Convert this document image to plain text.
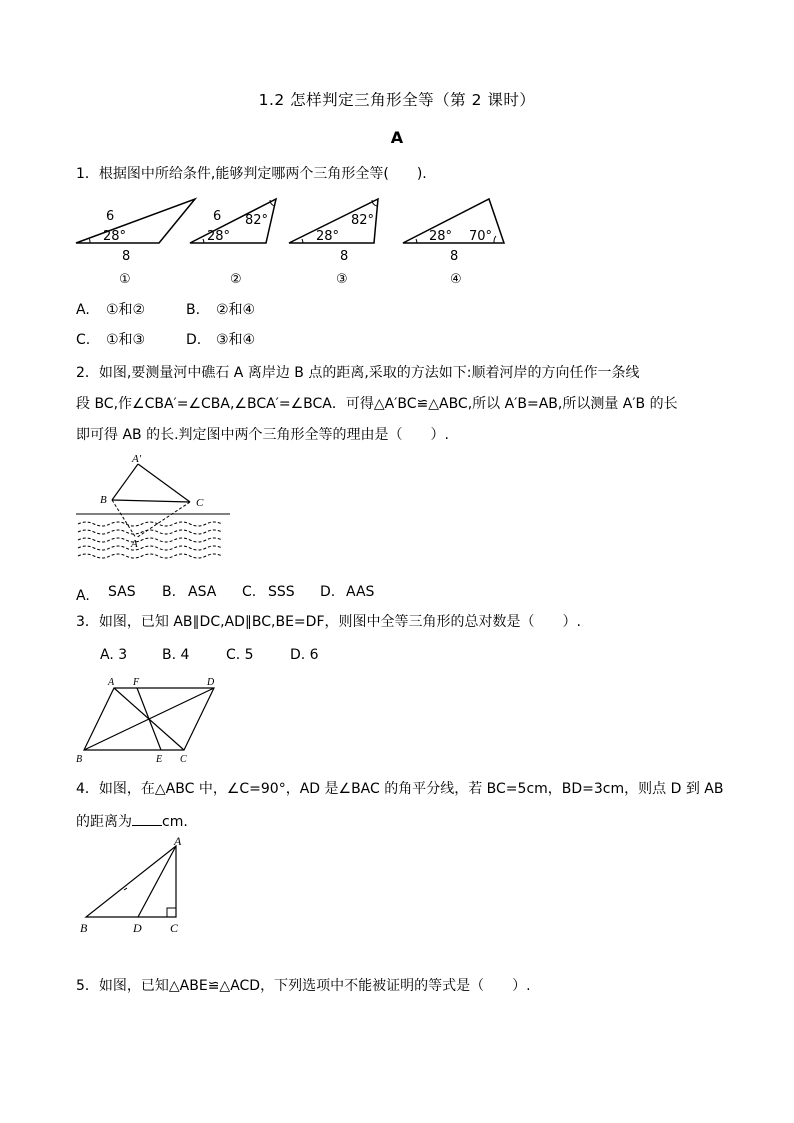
1.2 怎样判定三角形全等（第 2 课时）
A
1．根据图中所给条件,能够判定哪两个三角形全等(　　).
6
28°
8
①
6 82°
28°
②
82°
28°
8
③
28° 70°
8
④
A. ①和②	B. ②和④
C. ①和③	D. ③和④
2．如图,要测量河中礁石 A 离岸边 B 点的距离,采取的方法如下:顺着河岸的方向任作一条线
段 BC,作∠CBA′=∠CBA,∠BCA′=∠BCA．可得△A′BC≌△ABC,所以 A′B=AB,所以测量 A′B 的长
即可得 AB 的长.判定图中两个三角形全等的理由是（　　）.
A′
B	C
A
A. SAS B. ASA C. SSS D. AAS
3．如图，已知 AB∥DC,AD∥BC,BE=DF，则图中全等三角形的总对数是（　　）.
A. 3 B. 4	C. 5	D. 6
A F	D
B	E C
4．如图，在△ABC 中，∠C=90°，AD 是∠BAC 的角平分线，若 BC=5cm，BD=3cm，则点 D 到 AB
的距离为 cm.
A
B	D C
5．如图，已知△ABE≌△ACD，下列选项中不能被证明的等式是（　　）.
